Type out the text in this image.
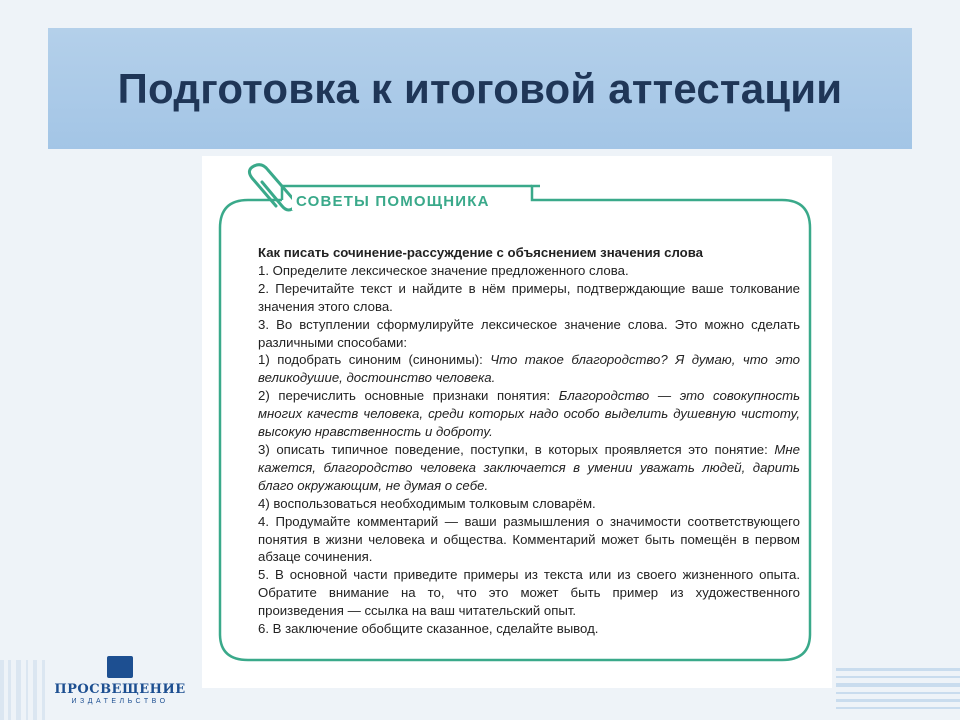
Подготовка к итоговой аттестации
СОВЕТЫ ПОМОЩНИКА

Как писать сочинение-рассуждение с объяснением значения слова

1. Определите лексическое значение предложенного слова.

2. Перечитайте текст и найдите в нём примеры, подтверждающие ваше толкование значения этого слова.

3. Во вступлении сформулируйте лексическое значение слова. Это можно сделать различными способами:

1) подобрать синоним (синонимы): Что такое благородство? Я думаю, что это великодушие, достоинство человека.

2) перечислить основные признаки понятия: Благородство — это совокупность многих качеств человека, среди которых надо особо выделить душевную чистоту, высокую нравственность и доброту.

3) описать типичное поведение, поступки, в которых проявляется это понятие: Мне кажется, благородство человека заключается в умении уважать людей, дарить благо окружающим, не думая о себе.

4) воспользоваться необходимым толковым словарём.

4. Продумайте комментарий — ваши размышления о значимости соответствующего понятия в жизни человека и общества. Комментарий может быть помещён в первом абзаце сочинения.

5. В основной части приведите примеры из текста или из своего жизненного опыта. Обратите внимание на то, что это может быть пример из художественного произведения — ссылка на ваш читательский опыт.

6. В заключение обобщите сказанное, сделайте вывод.

ПРОСВЕЩЕНИЕ
ИЗДАТЕЛЬСТВО
